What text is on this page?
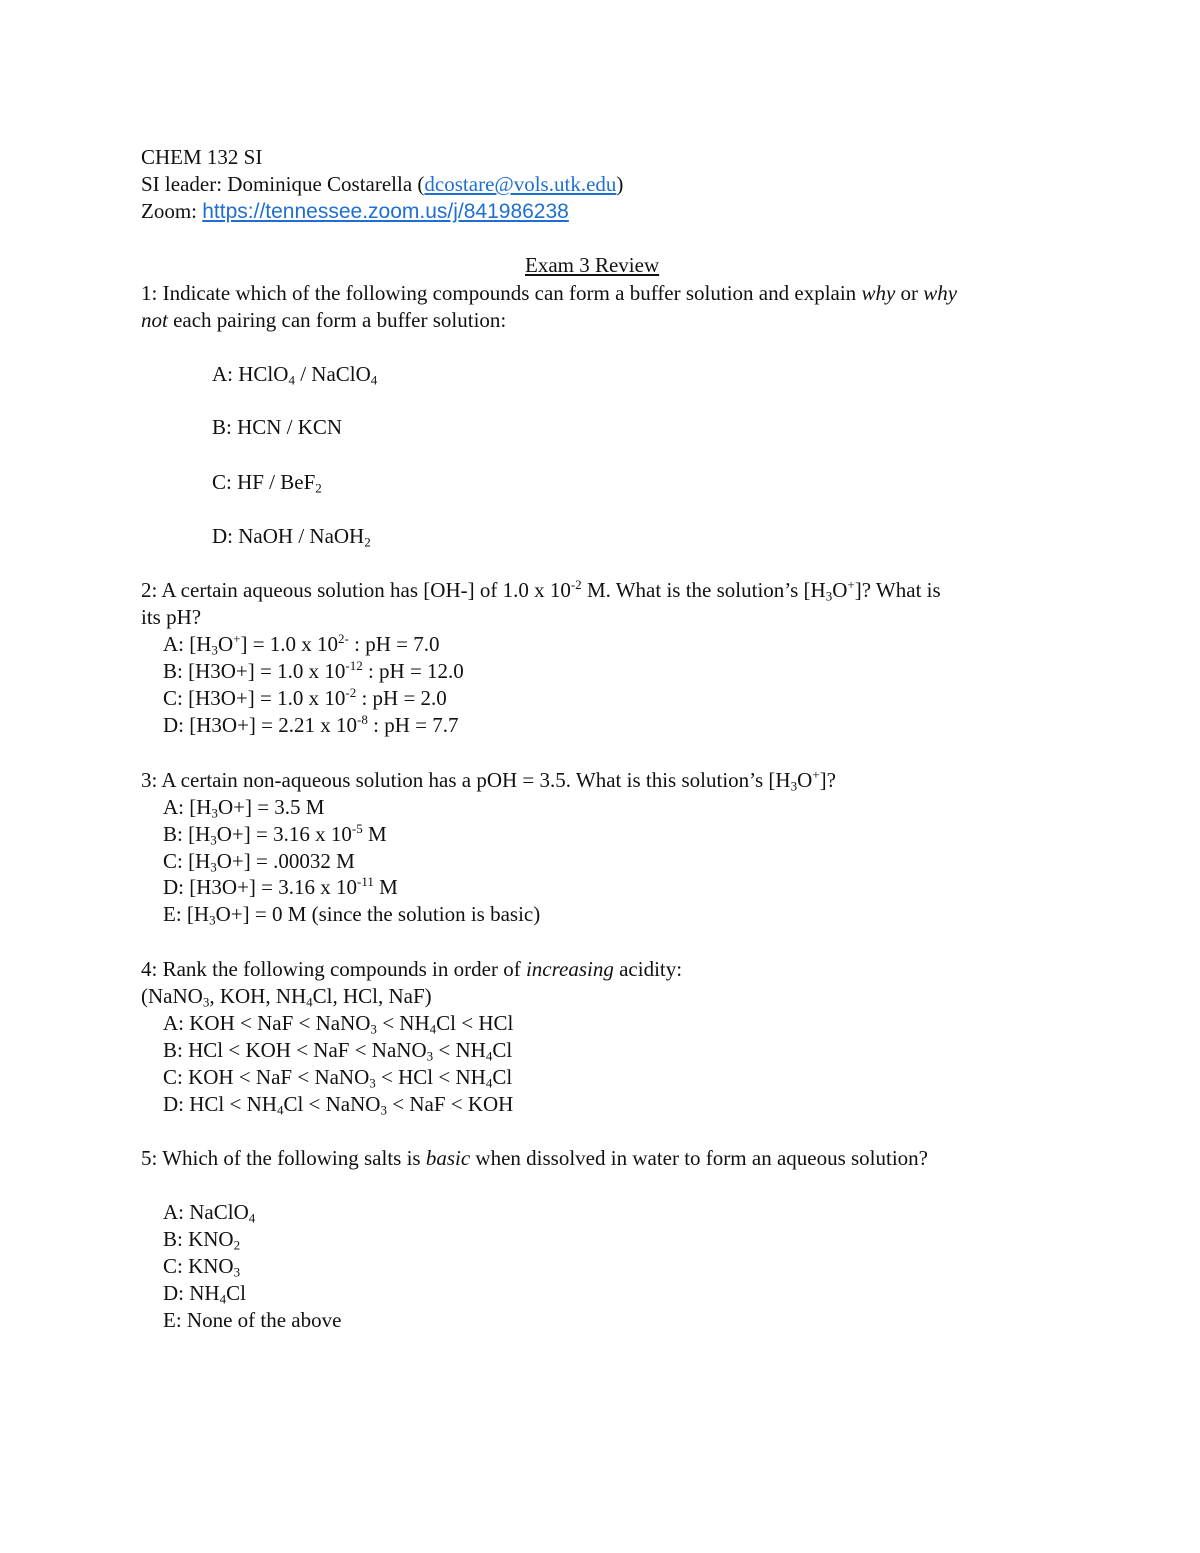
CHEM 132 SI
SI leader: Dominique Costarella (dcostare@vols.utk.edu)
Zoom: https://tennessee.zoom.us/j/841986238
Exam 3 Review
1: Indicate which of the following compounds can form a buffer solution and explain why or why
not each pairing can form a buffer solution:
A: HClO$_4$ / NaClO$_4$
B: HCN / KCN
C: HF / BeF$_2$
D: NaOH / NaOH$_2$
2: A certain aqueous solution has [OH-] of 1.0 x $10^{-2}$ M. What is the solution’s $[H_3O^+]$? What is
its pH?
A: $[H_3O^+] = 1.0$ x $10^{2-}$ : pH = 7.0
B: [H3O+] = 1.0 x $10^{-12}$ : pH = 12.0
C: [H3O+] = 1.0 x $10^{-2}$ : pH = 2.0
D: [H3O+] = 2.21 x $10^{-8}$ : pH = 7.7
3: A certain non-aqueous solution has a pOH = 3.5. What is this solution’s $[H_3O^+]$?
A: $[H_3O+] = 3.5$ M
B: $[H_3O+] = 3.16$ x $10^{-5}$ M
C: $[H_3O+] = .00032$ M
D: [H3O+] = 3.16 x $10^{-11}$ M
E: $[H_3O+] = 0$ M (since the solution is basic)
4: Rank the following compounds in order of increasing acidity:
(NaNO$_3$, KOH, $NH_4Cl$, HCl, NaF)
A: KOH < NaF < NaNO$_3$ < $NH_4Cl$ < HCl
B: HCl < KOH < NaF < NaNO$_3$ < $NH_4Cl$
C: KOH < NaF < NaNO$_3$ < HCl < $NH_4Cl$
D: HCl < $NH_4Cl$ < NaNO$_3$ < NaF < KOH
5: Which of the following salts is basic when dissolved in water to form an aqueous solution?
A: NaClO$_4$
B: $KNO_2$
C: $KNO_3$
D: $NH_4Cl$
E: None of the above
